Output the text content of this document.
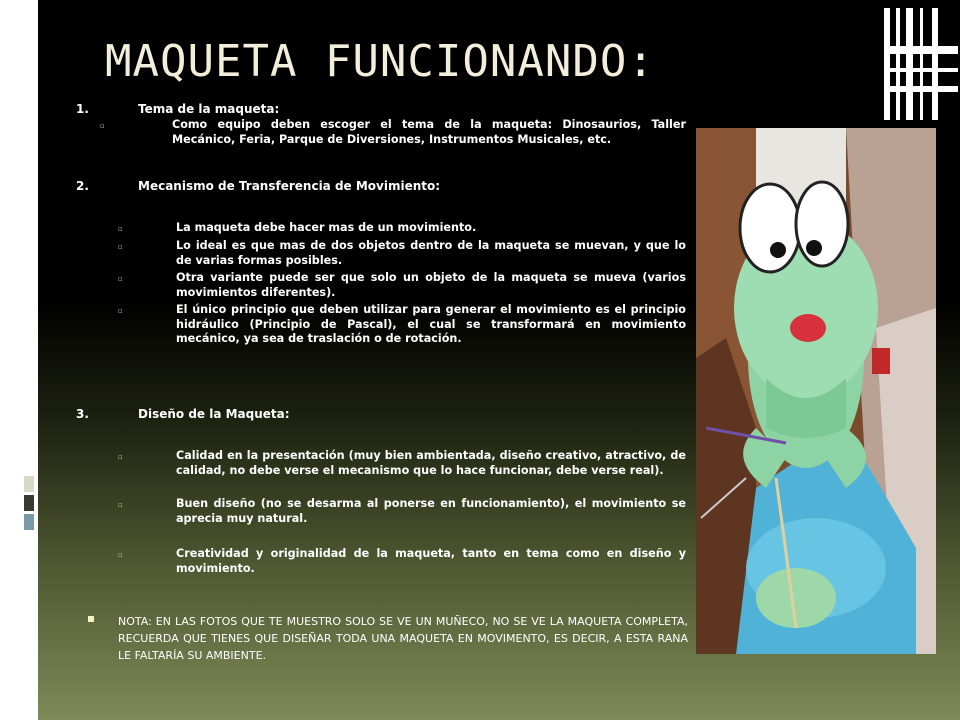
MAQUETA FUNCIONANDO:
1.	Tema de la maqueta:
▫	Como equipo deben escoger el tema de la maqueta: Dinosaurios, Taller Mecánico, Feria, Parque de Diversiones, Instrumentos Musicales, etc.
2.	Mecanismo de Transferencia de Movimiento:
▫	La maqueta debe hacer mas de un movimiento.
▫	Lo ideal es que mas de dos objetos dentro de la maqueta se muevan, y que lo de varias formas posibles.
▫	Otra variante puede ser que solo un objeto de la maqueta se mueva (varios movimientos diferentes).
▫	El único principio que deben utilizar para generar el movimiento es el principio hidráulico (Principio de Pascal), el cual se transformará en movimiento mecánico, ya sea de traslación o de rotación.
3.	Diseño de la Maqueta:
▫	Calidad en la presentación (muy bien ambientada, diseño creativo, atractivo, de calidad, no debe verse el mecanismo que lo hace funcionar, debe verse real).
▫	Buen diseño (no se desarma al ponerse en funcionamiento), el movimiento se aprecia muy natural.
▫	Creatividad y originalidad de la maqueta, tanto en tema como en diseño y movimiento.
NOTA: EN LAS FOTOS QUE TE MUESTRO SOLO SE VE UN MUÑECO, NO SE VE LA MAQUETA COMPLETA, RECUERDA QUE TIENES QUE DISEÑAR TODA UNA MAQUETA EN MOVIMENTO, ES DECIR, A ESTA RANA LE FALTARÍA SU AMBIENTE.
